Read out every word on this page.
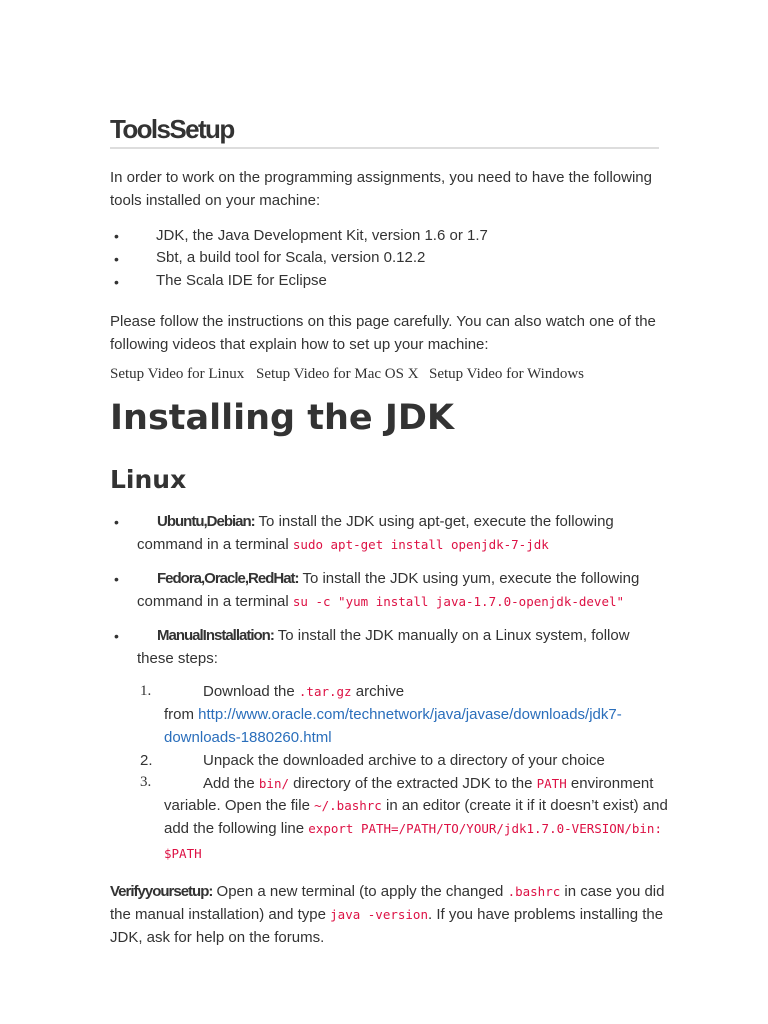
ToolsSetup
In order to work on the programming assignments, you need to have the following
tools installed on your machine:
• JDK, the Java Development Kit, version 1.6 or 1.7
• Sbt, a build tool for Scala, version 0.12.2
• The Scala IDE for Eclipse
Please follow the instructions on this page carefully. You can also watch one of the
following videos that explain how to set up your machine:
Setup Video for Linux Setup Video for Mac OS X Setup Video for Windows
Installing the JDK
Linux
•	Ubuntu,Debian: To install the JDK using apt-get, execute the following
command in a terminal sudo apt-get install openjdk-7-jdk
•	Fedora,Oracle,RedHat: To install the JDK using yum, execute the following
command in a terminal su -c "yum install java-1.7.0-openjdk-devel"
•	ManualInstallation: To install the JDK manually on a Linux system, follow
these steps:
1.	Download the .tar.gz archive
from http://www.oracle.com/technetwork/java/javase/downloads/jdk7-
downloads-1880260.html
2.	Unpack the downloaded archive to a directory of your choice
3.	Add the bin/ directory of the extracted JDK to the PATH environment
variable. Open the file ~/.bashrc in an editor (create it if it doesn’t exist) and
add the following line export PATH=/PATH/TO/YOUR/jdk1.7.0-VERSION/bin:
$PATH
Verifyyoursetup: Open a new terminal (to apply the changed .bashrc in case you did
the manual installation) and type java -version. If you have problems installing the
JDK, ask for help on the forums.
